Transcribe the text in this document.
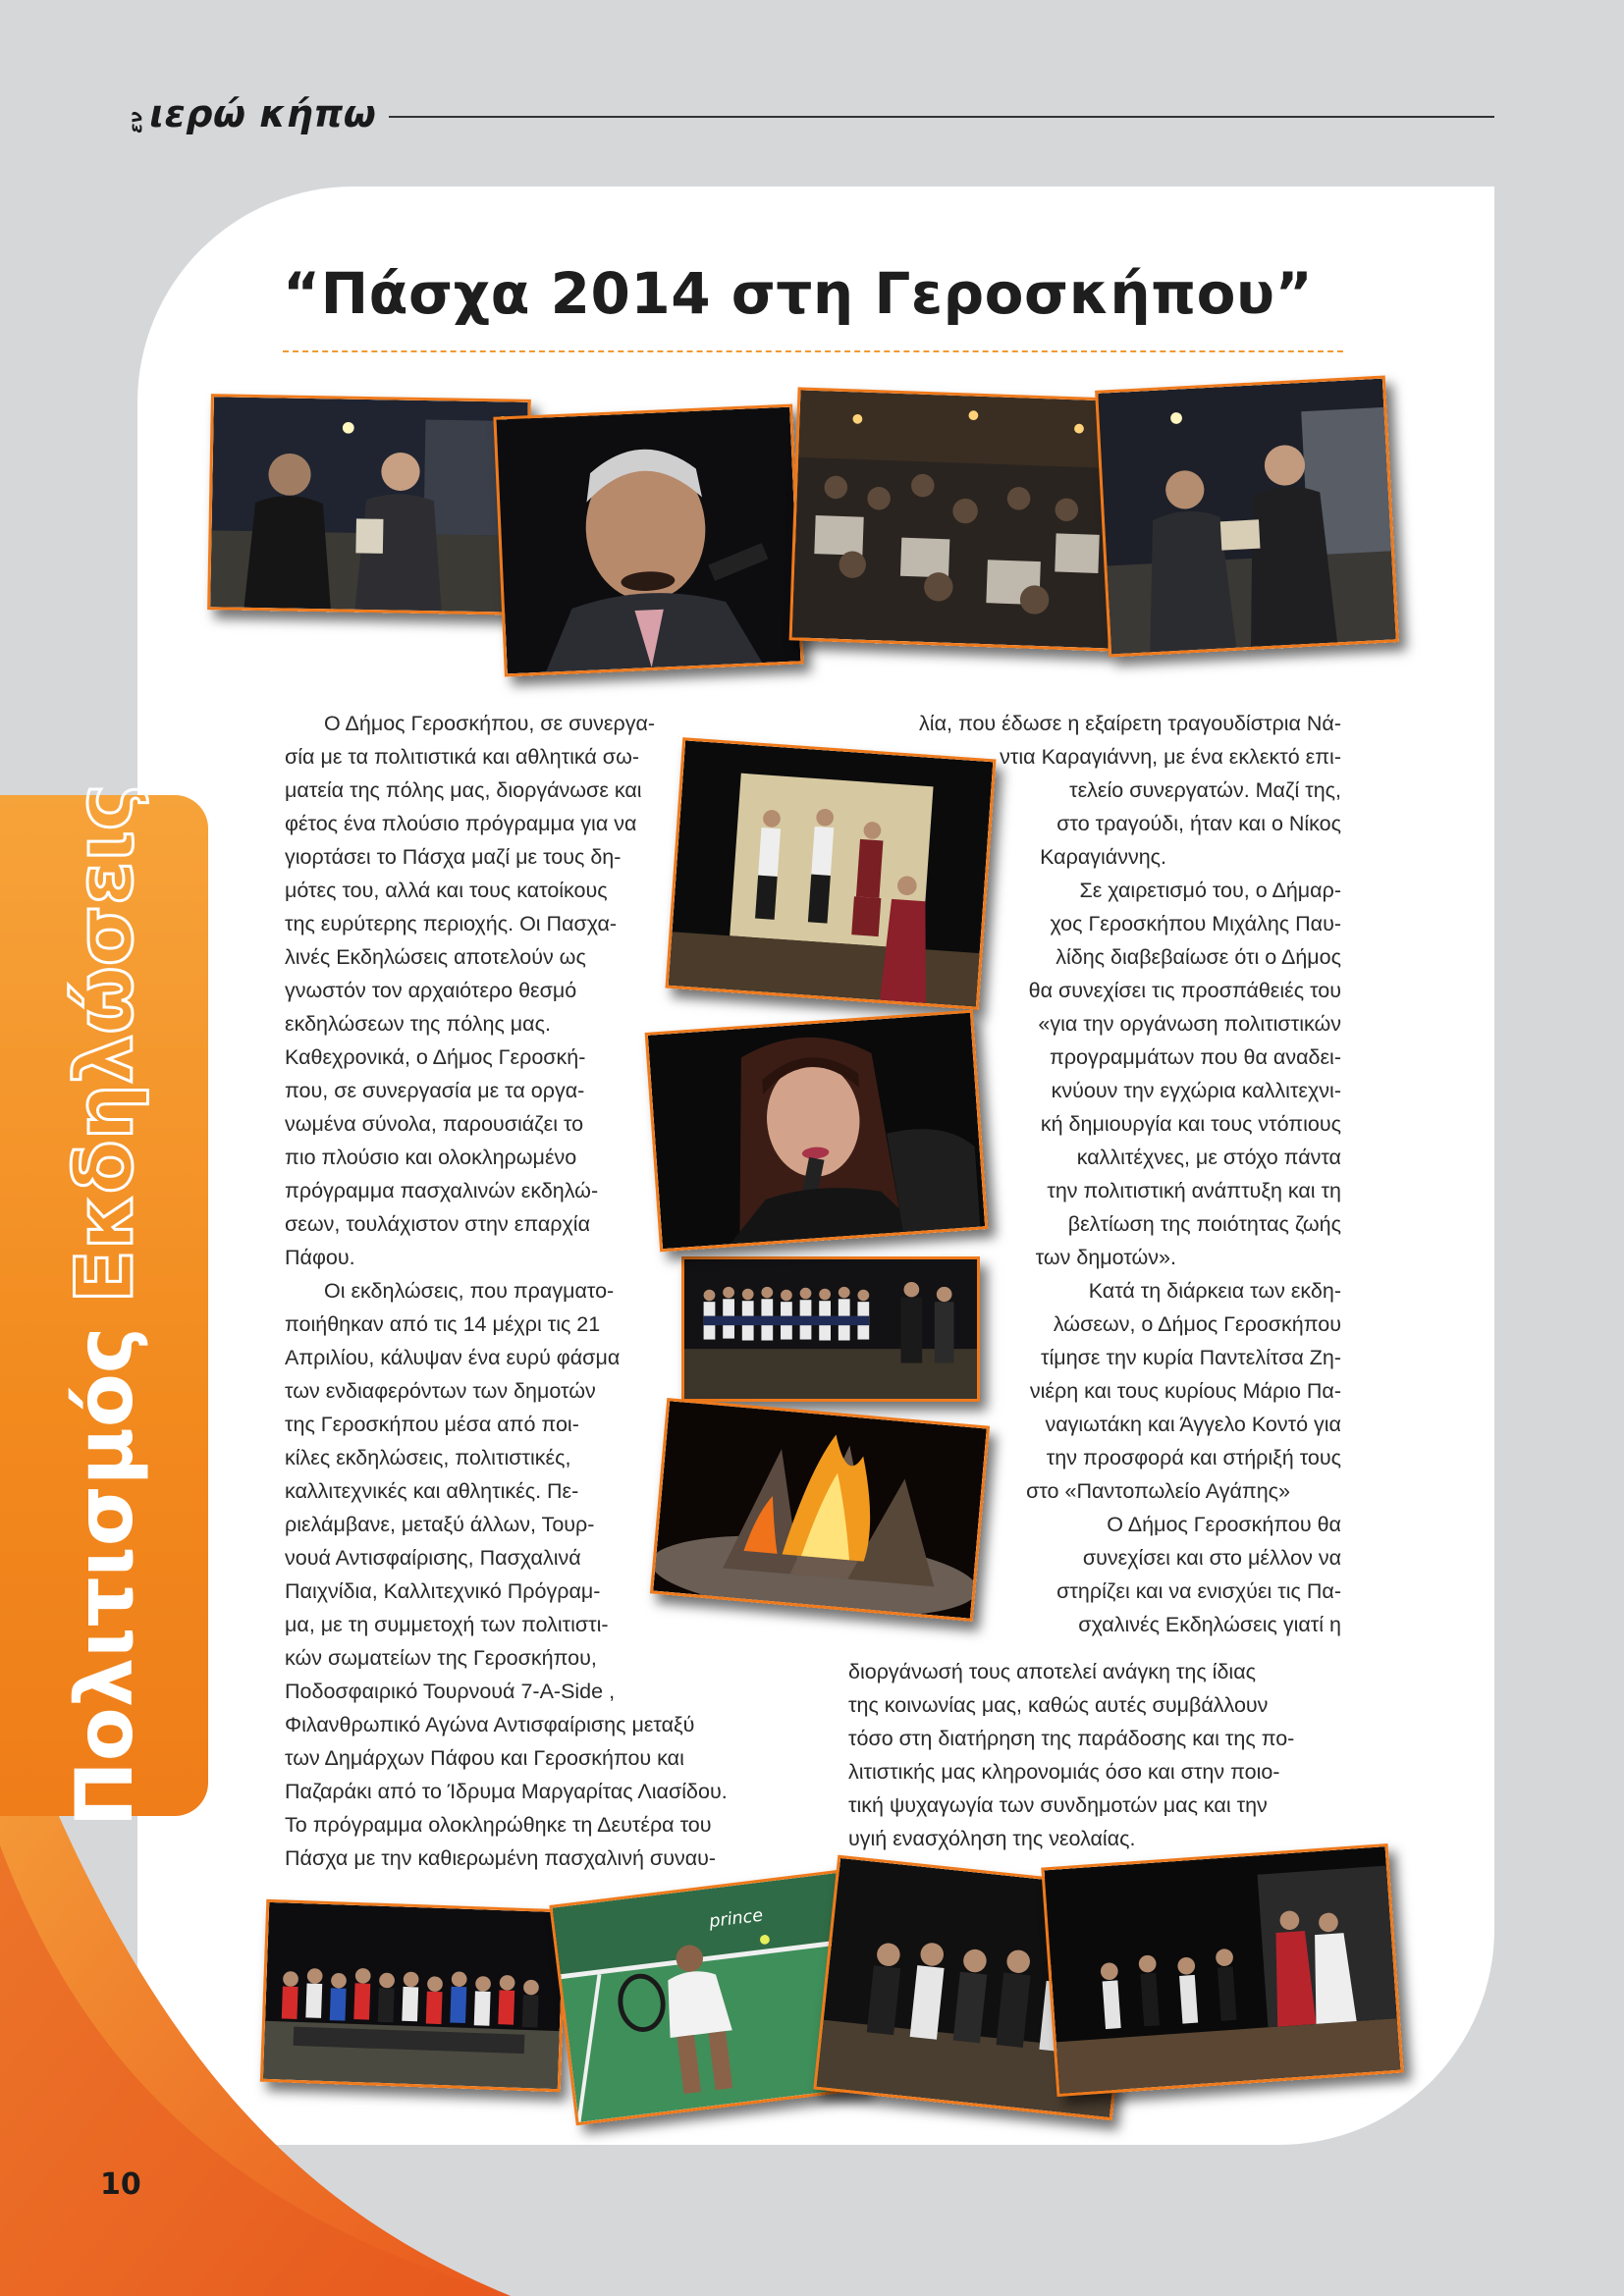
ενιερώ κήπω
Πολιτισμός
Εκδηλώσεις
“Πάσχα 2014 στη Γεροσκήπου”
prince
Ο Δήμος Γεροσκήπου, σε συνεργα-
σία με τα πολιτιστικά και αθλητικά σω-
ματεία της πόλης μας, διοργάνωσε και
φέτος ένα πλούσιο πρόγραμμα για να
γιορτάσει το Πάσχα μαζί με τους δη-
μότες του, αλλά και τους κατοίκους
της ευρύτερης περιοχής. Οι Πασχα-
λινές Εκδηλώσεις αποτελούν ως
γνωστόν τον αρχαιότερο θεσμό
εκδηλώσεων της πόλης μας.
Καθεχρονικά, ο Δήμος Γεροσκή-
που, σε συνεργασία με τα οργα-
νωμένα σύνολα, παρουσιάζει το
πιο πλούσιο και ολοκληρωμένο
πρόγραμμα πασχαλινών εκδηλώ-
σεων, τουλάχιστον στην επαρχία
Πάφου.
Οι εκδηλώσεις, που πραγματο-
ποιήθηκαν από τις 14 μέχρι τις 21
Απριλίου, κάλυψαν ένα ευρύ φάσμα
των ενδιαφερόντων των δημοτών
της Γεροσκήπου μέσα από ποι-
κίλες εκδηλώσεις, πολιτιστικές,
καλλιτεχνικές και αθλητικές. Πε-
ριελάμβανε, μεταξύ άλλων, Τουρ-
νουά Αντισφαίρισης, Πασχαλινά
Παιχνίδια, Καλλιτεχνικό Πρόγραμ-
μα, με τη συμμετοχή των πολιτιστι-
κών σωματείων της Γεροσκήπου,
Ποδοσφαιρικό Τουρνουά 7-A-Side ,
Φιλανθρωπικό Αγώνα Αντισφαίρισης μεταξύ
των Δημάρχων Πάφου και Γεροσκήπου και
Παζαράκι από το Ίδρυμα Μαργαρίτας Λιασίδου.
Το πρόγραμμα ολοκληρώθηκε τη Δευτέρα του
Πάσχα με την καθιερωμένη πασχαλινή συναυ-
λία, που έδωσε η εξαίρετη τραγουδίστρια Νά-
ντια Καραγιάννη, με ένα εκλεκτό επι-
τελείο συνεργατών. Μαζί της,
στο τραγούδι, ήταν και ο Νίκος
Καραγιάννης.
Σε χαιρετισμό του, ο Δήμαρ-
χος Γεροσκήπου Μιχάλης Παυ-
λίδης διαβεβαίωσε ότι ο Δήμος
θα συνεχίσει τις προσπάθειές του
«για την οργάνωση πολιτιστικών
προγραμμάτων που θα αναδει-
κνύουν την εγχώρια καλλιτεχνι-
κή δημιουργία και τους ντόπιους
καλλιτέχνες, με στόχο πάντα
την πολιτιστική ανάπτυξη και τη
βελτίωση της ποιότητας ζωής
των δημοτών».
Κατά τη διάρκεια των εκδη-
λώσεων, ο Δήμος Γεροσκήπου
τίμησε την κυρία Παντελίτσα Ζη-
νιέρη και τους κυρίους Μάριο Πα-
ναγιωτάκη και Άγγελο Κοντό για
την προσφορά και στήριξή τους
στο «Παντοπωλείο Αγάπης»
Ο Δήμος Γεροσκήπου θα
συνεχίσει και στο μέλλον να
στηρίζει και να ενισχύει τις Πα-
σχαλινές Εκδηλώσεις γιατί η
διοργάνωσή τους αποτελεί ανάγκη της ίδιας
της κοινωνίας μας, καθώς αυτές συμβάλλουν
τόσο στη διατήρηση της παράδοσης και της πο-
λιτιστικής μας κληρονομιάς όσο και στην ποιο-
τική ψυχαγωγία των συνδημοτών μας και την
υγιή ενασχόληση της νεολαίας.
10
